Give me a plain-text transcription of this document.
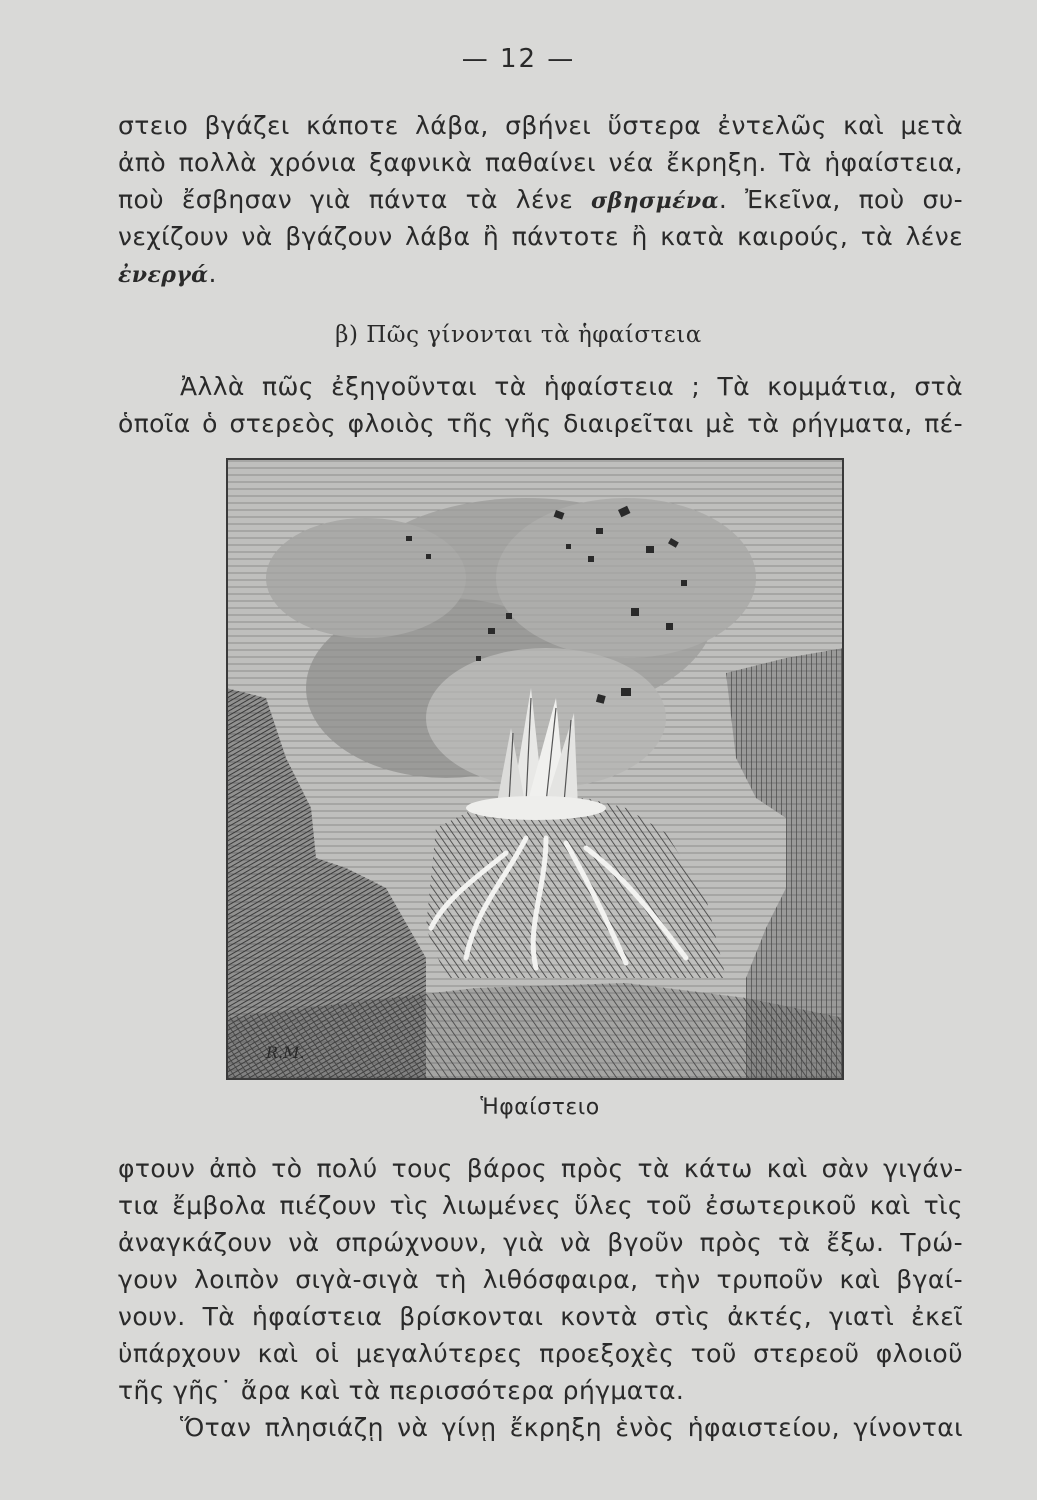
— 12 —
στειο βγάζει κάποτε λάβα, σβήνει ὕστερα ἐντελῶς καὶ μετὰ
ἀπὸ πολλὰ χρόνια ξαφνικὰ παθαίνει νέα ἔκρηξη. Τὰ ἡφαίστεια,
ποὺ ἔσβησαν γιὰ πάντα τὰ λένε σβησμένα. Ἐκεῖνα, ποὺ συ-
νεχίζουν νὰ βγάζουν λάβα ἢ πάντοτε ἢ κατὰ καιρούς, τὰ λένε
ἐνεργά.
β) Πῶς γίνονται τὰ ἡφαίστεια
Ἀλλὰ πῶς ἐξηγοῦνται τὰ ἡφαίστεια ; Τὰ κομμάτια, στὰ
ὁποῖα ὁ στερεὸς φλοιὸς τῆς γῆς διαιρεῖται μὲ τὰ ρήγματα, πέ-
R.M.
Ἡφαίστειο
φτουν ἀπὸ τὸ πολύ τους βάρος πρὸς τὰ κάτω καὶ σὰν γιγάν-
τια ἔμβολα πιέζουν τὶς λιωμένες ὕλες τοῦ ἐσωτερικοῦ καὶ τὶς
ἀναγκάζουν νὰ σπρώχνουν, γιὰ νὰ βγοῦν πρὸς τὰ ἔξω. Τρώ-
γουν λοιπὸν σιγὰ-σιγὰ τὴ λιθόσφαιρα, τὴν τρυποῦν καὶ βγαί-
νουν. Τὰ ἡφαίστεια βρίσκονται κοντὰ στὶς ἀκτές, γιατὶ ἐκεῖ
ὑπάρχουν καὶ οἱ μεγαλύτερες προεξοχὲς τοῦ στερεοῦ φλοιοῦ
τῆς γῆς˙ ἄρα καὶ τὰ περισσότερα ρήγματα.
Ὅταν πλησιάζῃ νὰ γίνῃ ἔκρηξη ἑνὸς ἡφαιστείου, γίνονται
